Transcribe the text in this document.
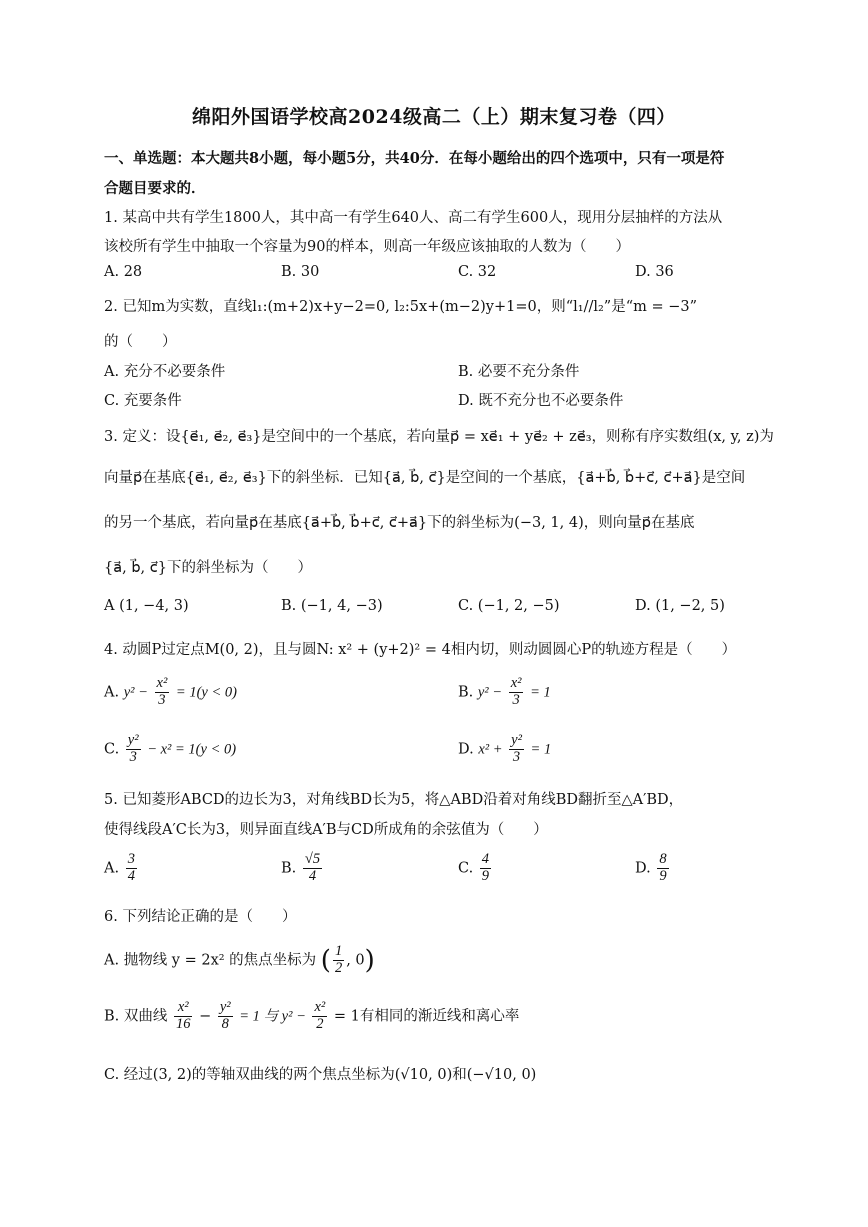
绵阳外国语学校高2024级高二（上）期末复习卷（四）
一、单选题：本大题共8小题，每小题5分，共40分．在每小题给出的四个选项中，只有一项是符
合题目要求的．
1. 某高中共有学生1800人，其中高一有学生640人、高二有学生600人，现用分层抽样的方法从
该校所有学生中抽取一个容量为90的样本，则高一年级应该抽取的人数为（　　）
A. 28	B. 30	C. 32	D. 36
2. 已知m为实数，直线l₁:(m+2)x+y−2=0, l₂:5x+(m−2)y+1=0，则“l₁//l₂”是“m = −3”
的（　　）
A. 充分不必要条件	B. 必要不充分条件
C. 充要条件	D. 既不充分也不必要条件
3. 定义：设{e⃗₁, e⃗₂, e⃗₃}是空间中的一个基底，若向量p⃗ = xe⃗₁ + ye⃗₂ + ze⃗₃，则称有序实数组(x, y, z)为
向量p⃗在基底{e⃗₁, e⃗₂, e⃗₃}下的斜坐标．已知{a⃗, b⃗, c⃗}是空间的一个基底，{a⃗+b⃗, b⃗+c⃗, c⃗+a⃗}是空间
的另一个基底，若向量p⃗在基底{a⃗+b⃗, b⃗+c⃗, c⃗+a⃗}下的斜坐标为(−3, 1, 4)，则向量p⃗在基底
{a⃗, b⃗, c⃗}下的斜坐标为（　　）
A (1, −4, 3)	B. (−1, 4, −3)	C. (−1, 2, −5)	D. (1, −2, 5)
4. 动圆P过定点M(0, 2)，且与圆N: x² + (y+2)² = 4相内切，则动圆圆心P的轨迹方程是（　　）
A. $y^2 - \frac{\text{x²}}{3} = 1(y < 0)$	B. $y^2 - \frac{\text{x²}}{3} = 1$
C. $\frac{\text{y²}}{3} - x^2 = 1(y < 0)$	D. $x^2 + \frac{\text{y²}}{3} = 1$
5. 已知菱形ABCD的边长为3，对角线BD长为5，将△ABD沿着对角线BD翻折至△A′BD，
使得线段A′C长为3，则异面直线A′B与CD所成角的余弦值为（　　）
A. $\frac{3}{4}$	B. $\frac{√5}{4}$	C. $\frac{4}{9}$	D. $\frac{8}{9}$
6. 下列结论正确的是（　　）
A. 抛物线 y = 2x² 的焦点坐标为 ( $\frac{1}{2}$ , 0)
B. 双曲线 $\frac{\text{x²}}{16} - \frac{\text{y²}}{8} = 1$ 与 $y^2 - \frac{\text{x²}}{2} = 1$有相同的渐近线和离心率
C. 经过(3, 2)的等轴双曲线的两个焦点坐标为(√10, 0)和(−√10, 0)
